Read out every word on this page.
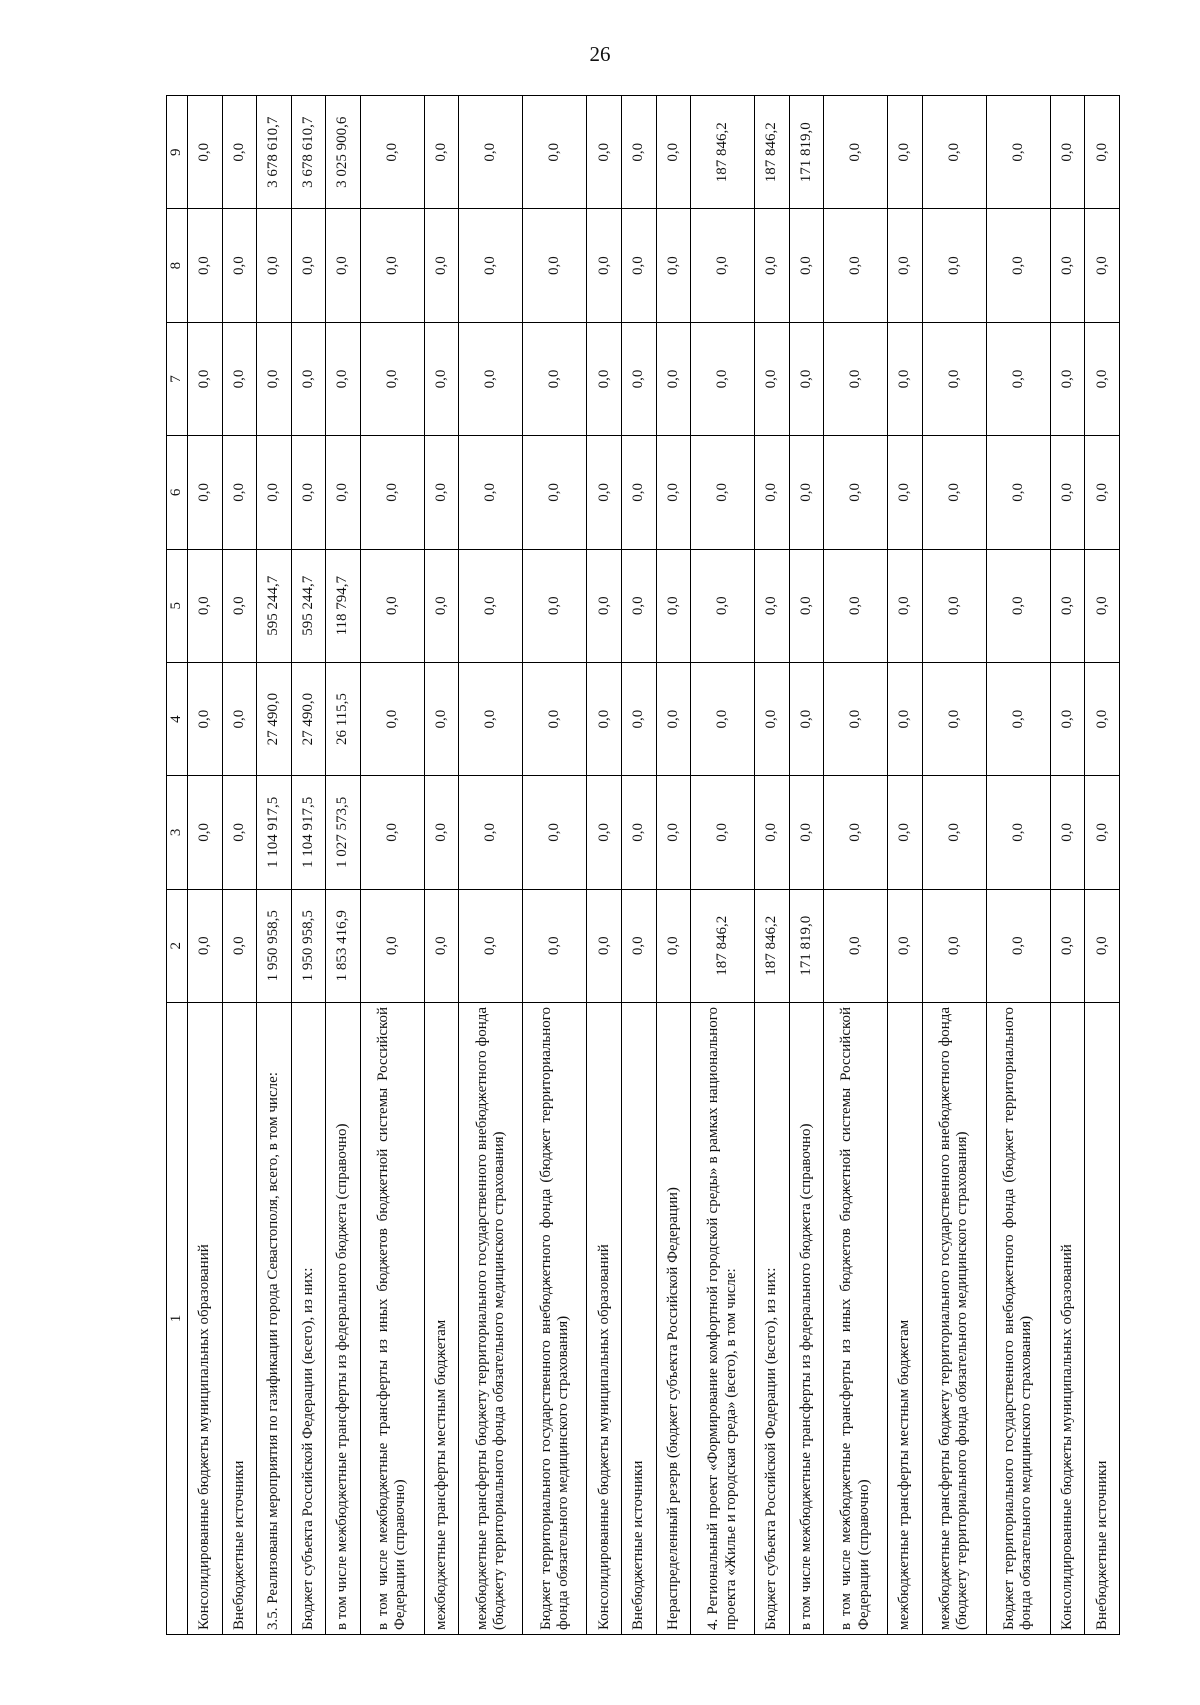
26
1	2	3	4	5	6	7	8	9
Консолидированные бюджеты муниципальных образований	0,0	0,0	0,0	0,0	0,0	0,0	0,0	0,0
Внебюджетные источники	0,0	0,0	0,0	0,0	0,0	0,0	0,0	0,0
3.5. Реализованы мероприятия по газификации города Севастополя, всего, в том числе:	1 950 958,5	1 104 917,5	27 490,0	595 244,7	0,0	0,0	0,0	3 678 610,7
Бюджет субъекта Российской Федерации (всего), из них:	1 950 958,5	1 104 917,5	27 490,0	595 244,7	0,0	0,0	0,0	3 678 610,7
в том числе межбюджетные трансферты из федерального бюджета (справочно)	1 853 416,9	1 027 573,5	26 115,5	118 794,7	0,0	0,0	0,0	3 025 900,6
в том числе межбюджетные трансферты из иных бюджетов бюджетной системы Российской Федерации (справочно)	0,0	0,0	0,0	0,0	0,0	0,0	0,0	0,0
межбюджетные трансферты местным бюджетам	0,0	0,0	0,0	0,0	0,0	0,0	0,0	0,0
межбюджетные трансферты бюджету территориального государственного внебюджетного фонда (бюджету территориального фонда обязательного медицинского страхования)	0,0	0,0	0,0	0,0	0,0	0,0	0,0	0,0
Бюджет территориального государственного внебюджетного фонда (бюджет территориального фонда обязательного медицинского страхования)	0,0	0,0	0,0	0,0	0,0	0,0	0,0	0,0
Консолидированные бюджеты муниципальных образований	0,0	0,0	0,0	0,0	0,0	0,0	0,0	0,0
Внебюджетные источники	0,0	0,0	0,0	0,0	0,0	0,0	0,0	0,0
Нераспределенный резерв (бюджет субъекта Российской Федерации)	0,0	0,0	0,0	0,0	0,0	0,0	0,0	0,0
4. Региональный проект «Формирование комфортной городской среды» в рамках национального проекта «Жилье и городская среда» (всего), в том числе:	187 846,2	0,0	0,0	0,0	0,0	0,0	0,0	187 846,2
Бюджет субъекта Российской Федерации (всего), из них:	187 846,2	0,0	0,0	0,0	0,0	0,0	0,0	187 846,2
в том числе межбюджетные трансферты из федерального бюджета (справочно)	171 819,0	0,0	0,0	0,0	0,0	0,0	0,0	171 819,0
в том числе межбюджетные трансферты из иных бюджетов бюджетной системы Российской Федерации (справочно)	0,0	0,0	0,0	0,0	0,0	0,0	0,0	0,0
межбюджетные трансферты местным бюджетам	0,0	0,0	0,0	0,0	0,0	0,0	0,0	0,0
межбюджетные трансферты бюджету территориального государственного внебюджетного фонда (бюджету территориального фонда обязательного медицинского страхования)	0,0	0,0	0,0	0,0	0,0	0,0	0,0	0,0
Бюджет территориального государственного внебюджетного фонда (бюджет территориального фонда обязательного медицинского страхования)	0,0	0,0	0,0	0,0	0,0	0,0	0,0	0,0
Консолидированные бюджеты муниципальных образований	0,0	0,0	0,0	0,0	0,0	0,0	0,0	0,0
Внебюджетные источники	0,0	0,0	0,0	0,0	0,0	0,0	0,0	0,0
